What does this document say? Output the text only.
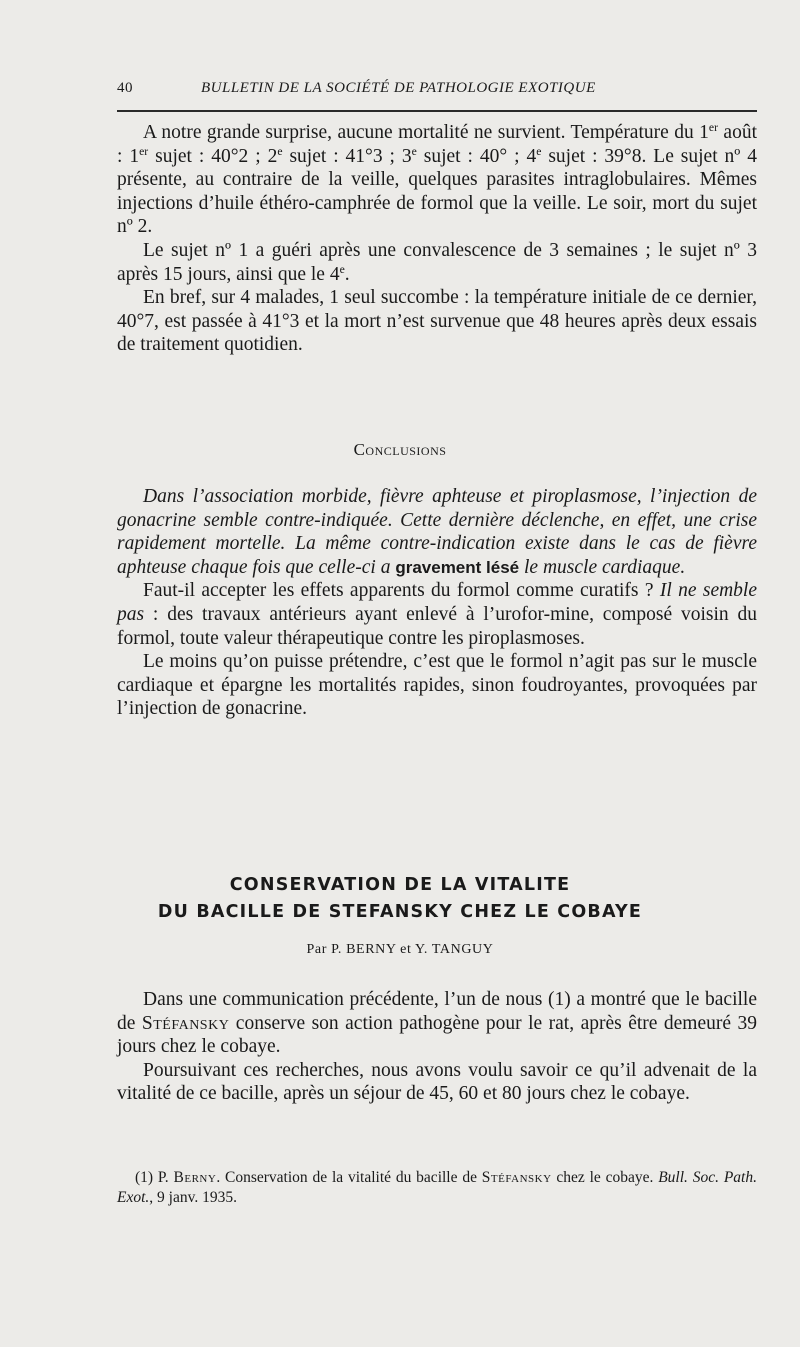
40	BULLETIN DE LA SOCIÉTÉ DE PATHOLOGIE EXOTIQUE

A notre grande surprise, aucune mortalité ne survient. Température du 1er août : 1er sujet : 40°2 ; 2e sujet : 41°3 ; 3e sujet : 40° ; 4e sujet : 39°8. Le sujet nº 4 présente, au contraire de la veille, quelques parasites intraglobulaires. Mêmes injections d’huile éthéro-camphrée de formol que la veille. Le soir, mort du sujet nº 2.

Le sujet nº 1 a guéri après une convalescence de 3 semaines ; le sujet nº 3 après 15 jours, ainsi que le 4e.

En bref, sur 4 malades, 1 seul succombe : la température initiale de ce dernier, 40°7, est passée à 41°3 et la mort n’est survenue que 48 heures après deux essais de traitement quotidien.

Conclusions

Dans l’association morbide, fièvre aphteuse et piroplasmose, l’injection de gonacrine semble contre-indiquée. Cette dernière déclenche, en effet, une crise rapidement mortelle. La même contre-indication existe dans le cas de fièvre aphteuse chaque fois que celle-ci a gravement lésé le muscle cardiaque.

Faut-il accepter les effets apparents du formol comme curatifs ? Il ne semble pas : des travaux antérieurs ayant enlevé à l’urofor-mine, composé voisin du formol, toute valeur thérapeutique contre les piroplasmoses.

Le moins qu’on puisse prétendre, c’est que le formol n’agit pas sur le muscle cardiaque et épargne les mortalités rapides, sinon foudroyantes, provoquées par l’injection de gonacrine.

CONSERVATION DE LA VITALITE
DU BACILLE DE STEFANSKY CHEZ LE COBAYE
Par P. BERNY et Y. TANGUY

Dans une communication précédente, l’un de nous (1) a montré que le bacille de Stéfansky conserve son action pathogène pour le rat, après être demeuré 39 jours chez le cobaye.

Poursuivant ces recherches, nous avons voulu savoir ce qu’il advenait de la vitalité de ce bacille, après un séjour de 45, 60 et 80 jours chez le cobaye.

(1) P. Berny. Conservation de la vitalité du bacille de Stéfansky chez le cobaye. Bull. Soc. Path. Exot., 9 janv. 1935.
